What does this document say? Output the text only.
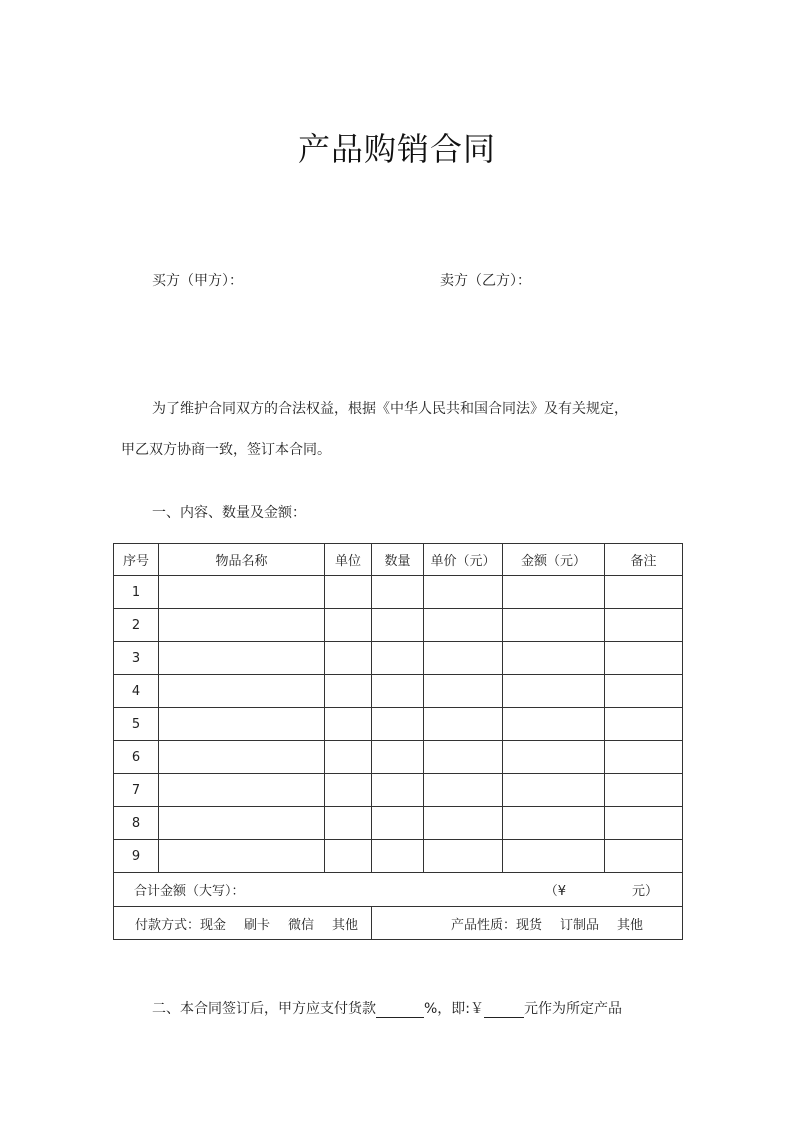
产品购销合同
买方（甲方）：	卖方（乙方）：
为了维护合同双方的合法权益，根据《中华人民共和国合同法》及有关规定，
甲乙双方协商一致，签订本合同。
一、内容、数量及金额：
序号	物品名称	单位	数量	单价（元）	金额（元）	备注
1						
2						
3						
4						
5						
6						
7						
8						
9						

合计金额（大写）： （¥ 元）						

付款方式：现金 刷卡 微信 其他			产品性质：现货 订制品 其他			
二、本合同签订后，甲方应支付货款	%，即:￥	元作为所定产品
